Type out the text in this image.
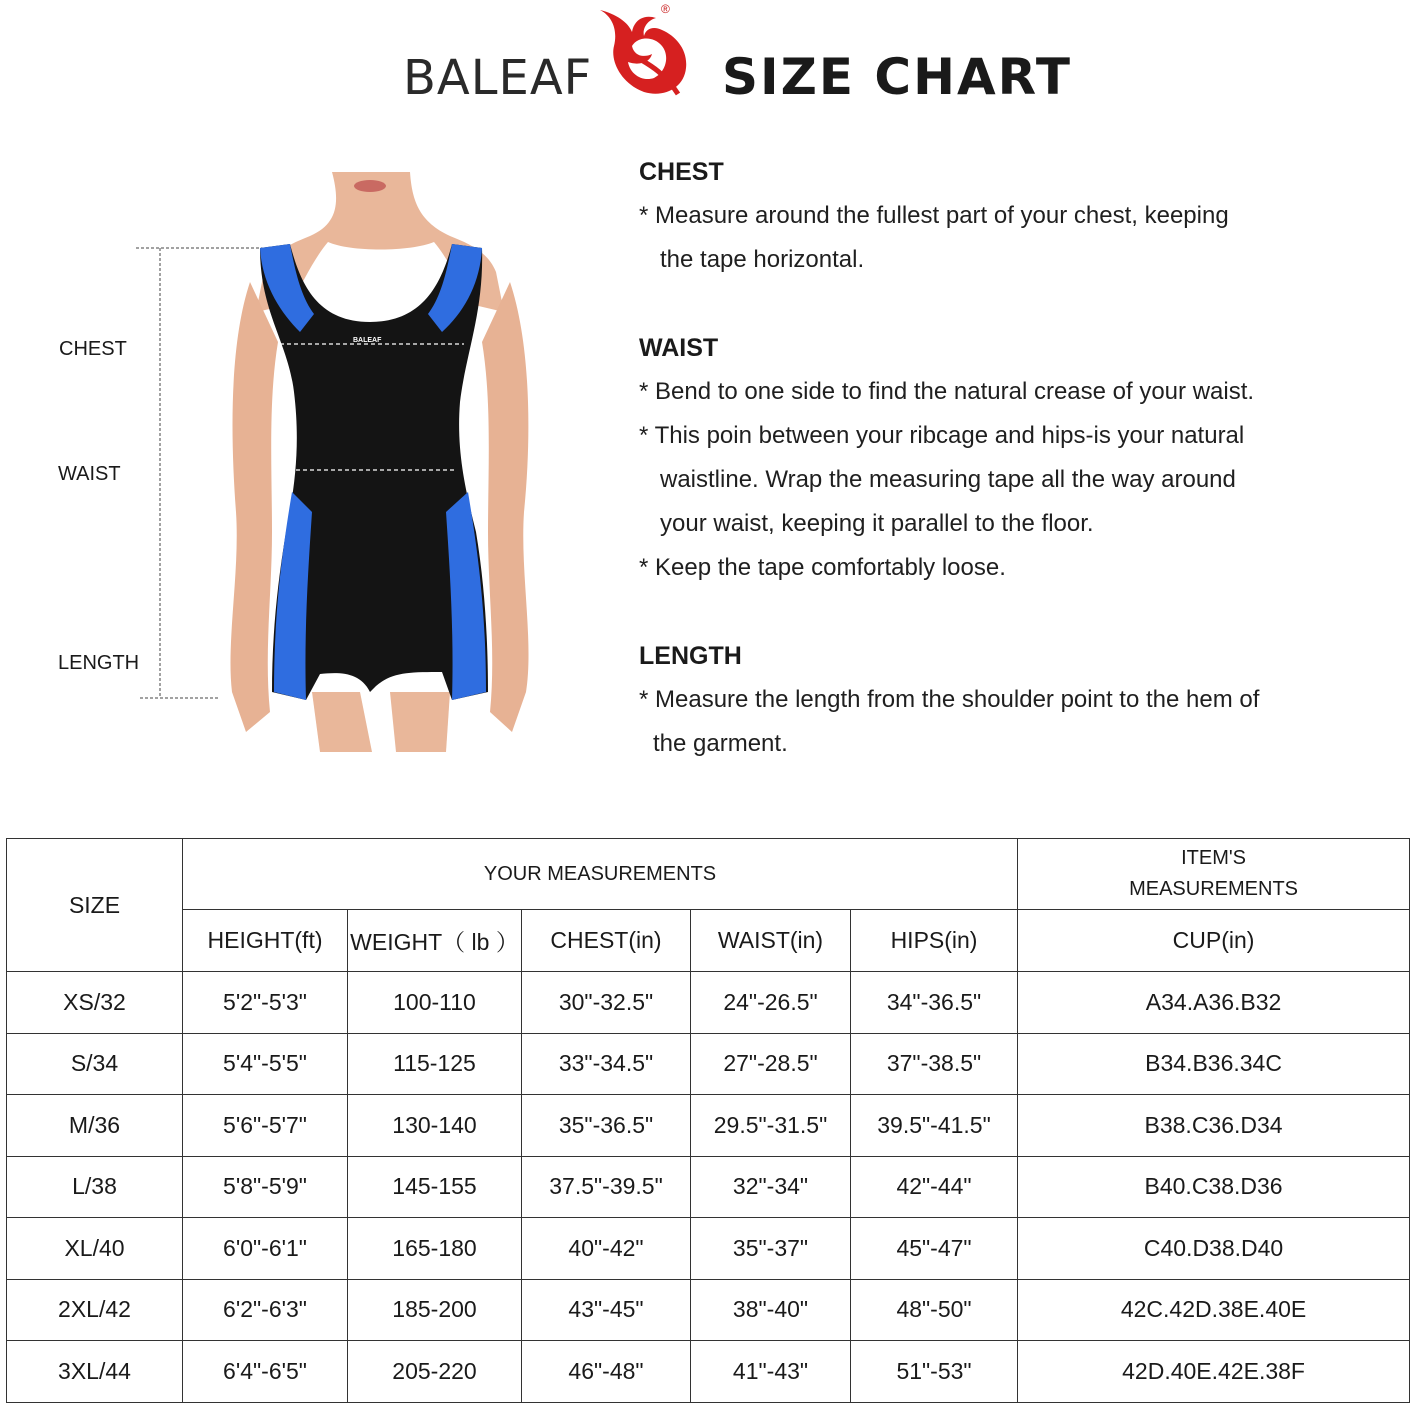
BALEAF
®
SIZE CHART
CHEST
WAIST
LENGTH
BALEAF
CHEST

* Measure around the fullest part of your chest, keeping

the tape horizontal.

WAIST

* Bend to one side to find the natural crease of your waist.

* This poin between your ribcage and hips-is your natural

waistline. Wrap the measuring tape all the way around

your waist, keeping it parallel to the floor.

* Keep the tape comfortably loose.

LENGTH

* Measure the length from the shoulder point to the hem of

the garment.

SIZE	YOUR MEASUREMENTS					ITEM'S
MEASUREMENTS

	HEIGHT(ft)	WEIGHT（ lb ）	CHEST(in)	WAIST(in)	HIPS(in)	CUP(in)
XS/32	5'2"-5'3"	100-110	30"-32.5"	24"-26.5"	34"-36.5"	A34.A36.B32
S/34	5'4"-5'5"	115-125	33"-34.5"	27"-28.5"	37"-38.5"	B34.B36.34C
M/36	5'6"-5'7"	130-140	35"-36.5"	29.5"-31.5"	39.5"-41.5"	B38.C36.D34
L/38	5'8"-5'9"	145-155	37.5"-39.5"	32"-34"	42"-44"	B40.C38.D36
XL/40	6'0"-6'1"	165-180	40"-42"	35"-37"	45"-47"	C40.D38.D40
2XL/42	6'2"-6'3"	185-200	43"-45"	38"-40"	48"-50"	42C.42D.38E.40E
3XL/44	6'4"-6'5"	205-220	46"-48"	41"-43"	51"-53"	42D.40E.42E.38F
